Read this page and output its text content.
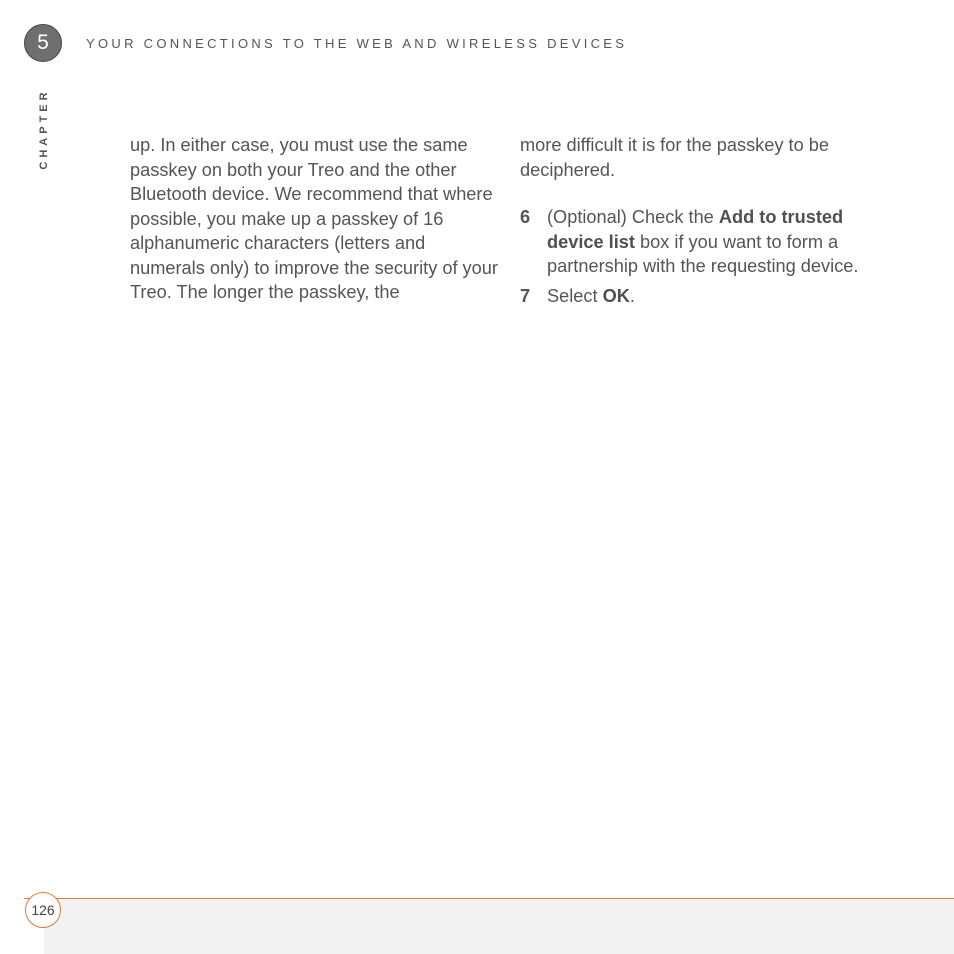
5	YOUR CONNECTIONS TO THE WEB AND WIRELESS DEVICES
CHAPTER	up. In either case, you must use the same passkey on both your Treo and the other Bluetooth device. We recommend that where possible, you make up a passkey of 16 alphanumeric characters (letters and numerals only) to improve the security of your Treo. The longer the passkey, the

more difficult it is for the passkey to be deciphered.

6 (Optional) Check the Add to trusted device list box if you want to form a partnership with the requesting device.
7 Select OK.
126
